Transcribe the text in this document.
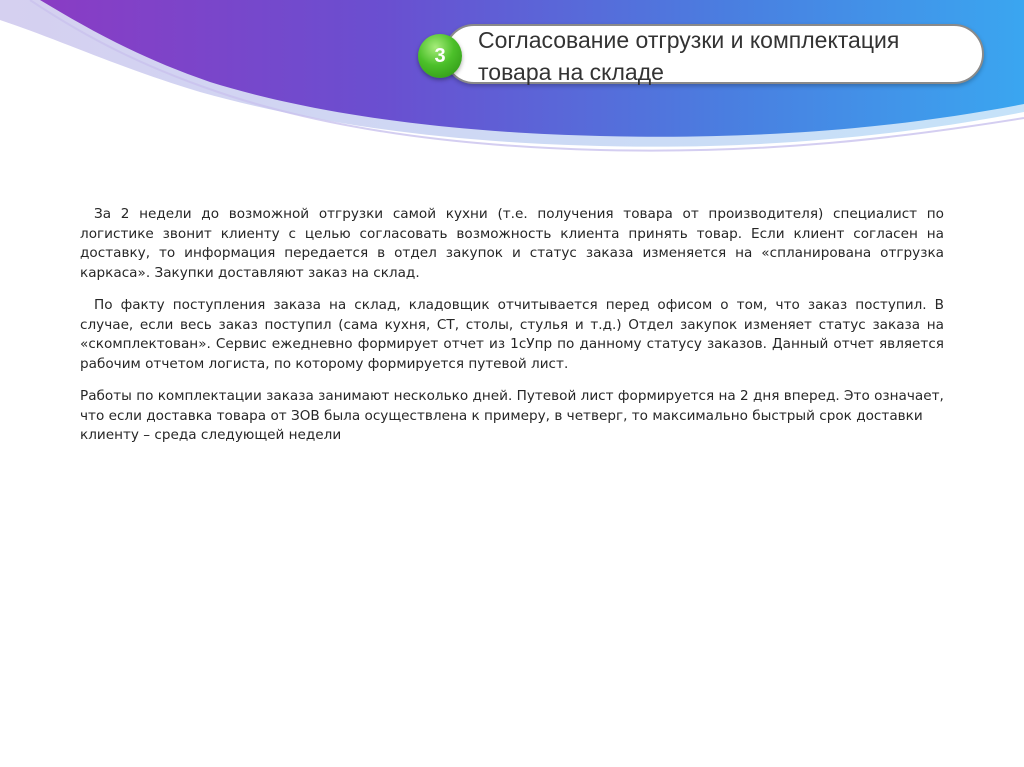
3
Согласование отгрузки и комплектация товара на складе

За 2 недели до возможной отгрузки самой кухни (т.е. получения товара от производителя) специалист по логистике звонит клиенту с целью согласовать возможность клиента принять товар. Если клиент согласен на доставку, то информация передается в отдел закупок и статус заказа изменяется на «спланирована отгрузка каркаса». Закупки доставляют заказ на склад.

По факту поступления заказа на склад, кладовщик отчитывается перед офисом о том, что заказ поступил. В случае, если весь заказ поступил (сама кухня, СТ, столы, стулья и т.д.) Отдел закупок изменяет статус заказа на «скомплектован». Сервис ежедневно формирует отчет из 1сУпр по данному статусу заказов. Данный отчет является рабочим отчетом логиста, по которому формируется путевой лист.

Работы по комплектации заказа занимают несколько дней. Путевой лист формируется на 2 дня вперед. Это означает, что если доставка товара от ЗОВ была осуществлена к примеру, в четверг, то максимально быстрый срок доставки клиенту – среда следующей недели
